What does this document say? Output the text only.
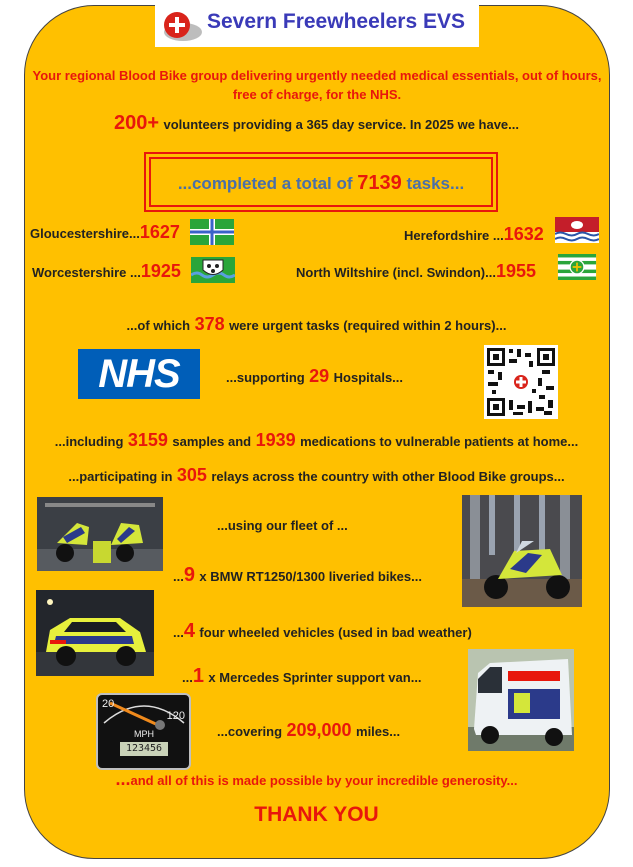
Severn Freewheelers EVS
Your regional Blood Bike group delivering urgently needed medical essentials, out of hours, free of charge, for the NHS.
200+ volunteers providing a 365 day service. In 2025 we have...
...completed a total of 7139 tasks...
Gloucestershire...1627	Herefordshire ...1632
Worcestershire ...1925	North Wiltshire (incl. Swindon)...1955
...of which 378 were urgent tasks (required within 2 hours)...
NHS	...supporting 29 Hospitals...
...including 3159 samples and 1939 medications to vulnerable patients at home...
...participating in 305 relays across the country with other Blood Bike groups...
...using our fleet of ...
...9 x BMW RT1250/1300 liveried bikes...
...4 four wheeled vehicles (used in bad weather)
...1 x Mercedes Sprinter support van...
20
120
MPH
123456
...covering 209,000 miles...
...and all of this is made possible by your incredible generosity...
THANK YOU
